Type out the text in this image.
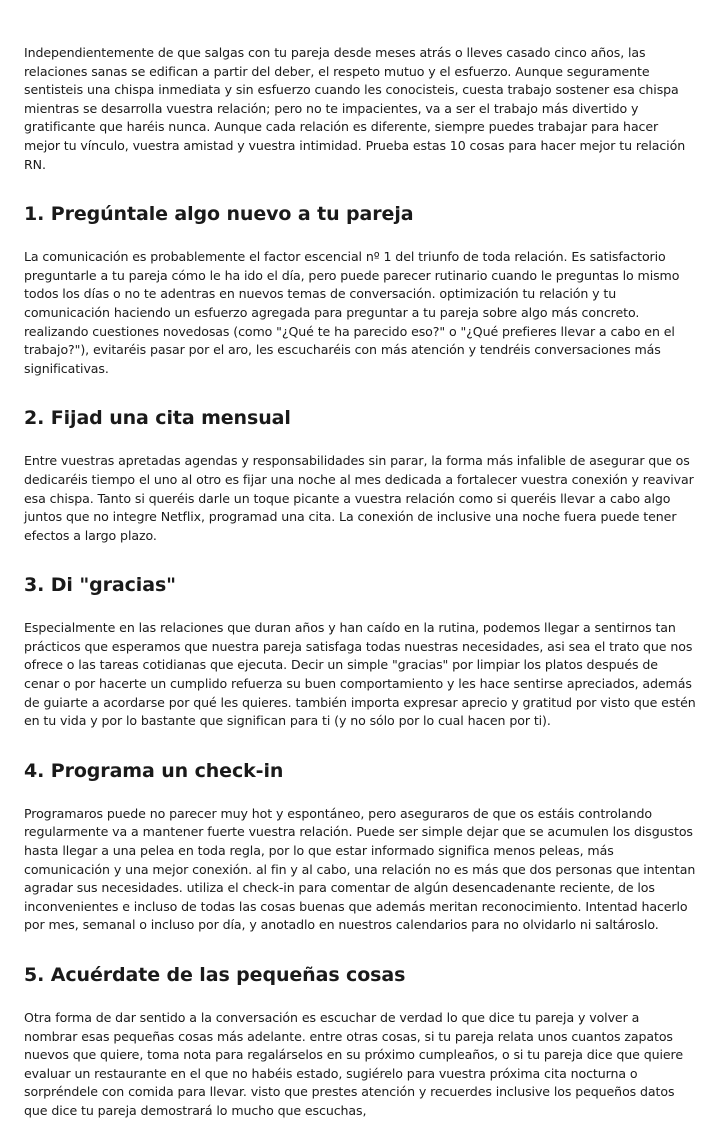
Independientemente de que salgas con tu pareja desde meses atrás o lleves casado cinco años, las relaciones sanas se edifican a partir del deber, el respeto mutuo y el esfuerzo. Aunque seguramente sentisteis una chispa inmediata y sin esfuerzo cuando les conocisteis, cuesta trabajo sostener esa chispa mientras se desarrolla vuestra relación; pero no te impacientes, va a ser el trabajo más divertido y gratificante que haréis nunca. Aunque cada relación es diferente, siempre puedes trabajar para hacer mejor tu vínculo, vuestra amistad y vuestra intimidad. Prueba estas 10 cosas para hacer mejor tu relación RN.

1. Pregúntale algo nuevo a tu pareja

La comunicación es probablemente el factor escencial nº 1 del triunfo de toda relación. Es satisfactorio preguntarle a tu pareja cómo le ha ido el día, pero puede parecer rutinario cuando le preguntas lo mismo todos los días o no te adentras en nuevos temas de conversación. optimización tu relación y tu comunicación haciendo un esfuerzo agregada para preguntar a tu pareja sobre algo más concreto. realizando cuestiones novedosas (como "¿Qué te ha parecido eso?" o "¿Qué prefieres llevar a cabo en el trabajo?"), evitaréis pasar por el aro, les escucharéis con más atención y tendréis conversaciones más significativas.

2. Fijad una cita mensual

Entre vuestras apretadas agendas y responsabilidades sin parar, la forma más infalible de asegurar que os dedicaréis tiempo el uno al otro es fijar una noche al mes dedicada a fortalecer vuestra conexión y reavivar esa chispa. Tanto si queréis darle un toque picante a vuestra relación como si queréis llevar a cabo algo juntos que no integre Netflix, programad una cita. La conexión de inclusive una noche fuera puede tener efectos a largo plazo.

3. Di "gracias"

Especialmente en las relaciones que duran años y han caído en la rutina, podemos llegar a sentirnos tan prácticos que esperamos que nuestra pareja satisfaga todas nuestras necesidades, asi sea el trato que nos ofrece o las tareas cotidianas que ejecuta. Decir un simple "gracias" por limpiar los platos después de cenar o por hacerte un cumplido refuerza su buen comportamiento y les hace sentirse apreciados, además de guiarte a acordarse por qué les quieres. también importa expresar aprecio y gratitud por visto que estén en tu vida y por lo bastante que significan para ti (y no sólo por lo cual hacen por ti).

4. Programa un check-in

Programaros puede no parecer muy hot y espontáneo, pero aseguraros de que os estáis controlando regularmente va a mantener fuerte vuestra relación. Puede ser simple dejar que se acumulen los disgustos hasta llegar a una pelea en toda regla, por lo que estar informado significa menos peleas, más comunicación y una mejor conexión. al fin y al cabo, una relación no es más que dos personas que intentan agradar sus necesidades. utiliza el check-in para comentar de algún desencadenante reciente, de los inconvenientes e incluso de todas las cosas buenas que además meritan reconocimiento. Intentad hacerlo por mes, semanal o incluso por día, y anotadlo en nuestros calendarios para no olvidarlo ni saltároslo.

5. Acuérdate de las pequeñas cosas

Otra forma de dar sentido a la conversación es escuchar de verdad lo que dice tu pareja y volver a nombrar esas pequeñas cosas más adelante. entre otras cosas, si tu pareja relata unos cuantos zapatos nuevos que quiere, toma nota para regalárselos en su próximo cumpleaños, o si tu pareja dice que quiere evaluar un restaurante en el que no habéis estado, sugiérelo para vuestra próxima cita nocturna o sorpréndele con comida para llevar. visto que prestes atención y recuerdes inclusive los pequeños datos que dice tu pareja demostrará lo mucho que escuchas,
